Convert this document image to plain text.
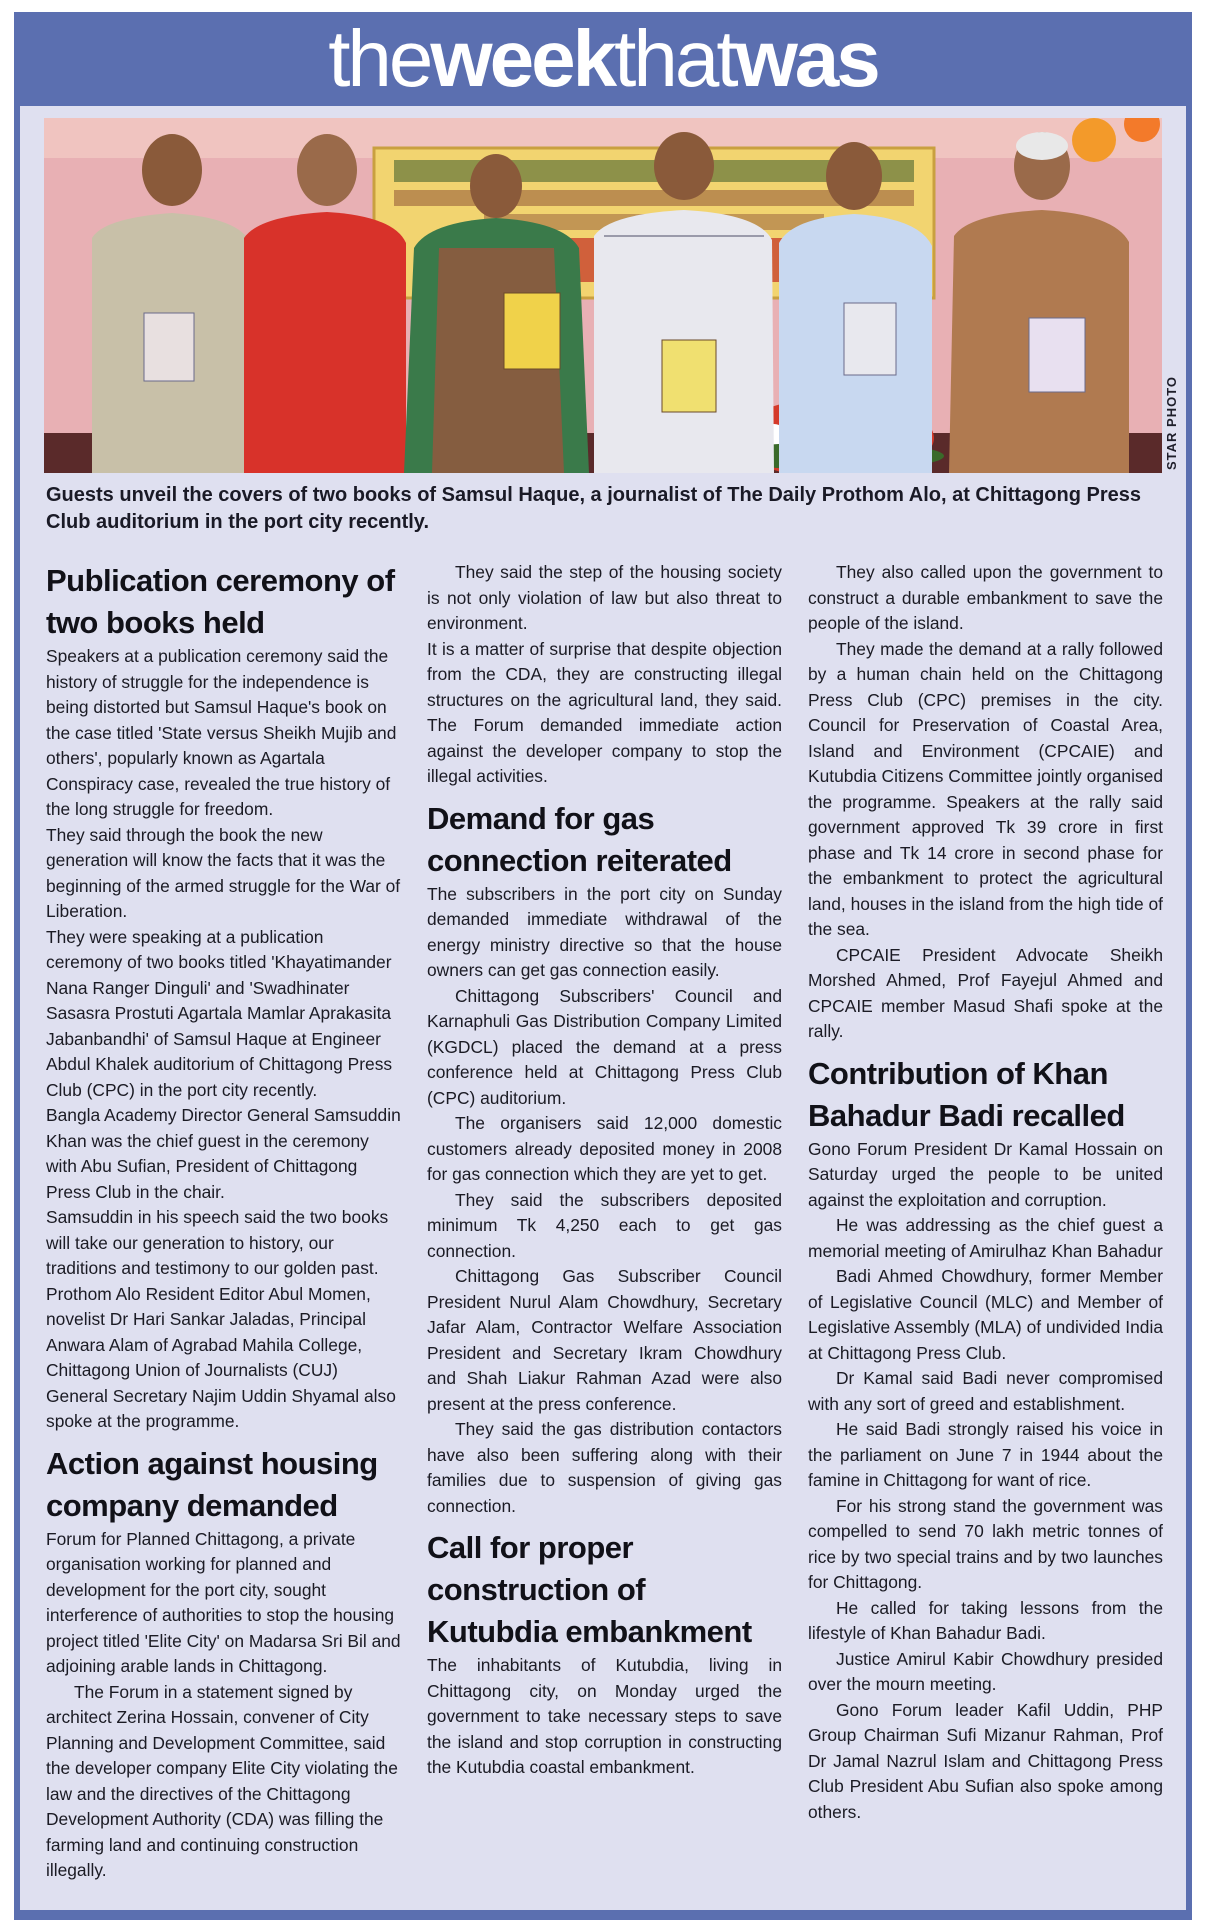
theweekthatwas
STAR PHOTO
Guests unveil the covers of two books of Samsul Haque, a journalist of The Daily Prothom Alo, at Chittagong Press Club auditorium in the port city recently.
Publication ceremony of two books held
Speakers at a publication ceremony said the history of struggle for the independence is being distorted but Samsul Haque's book on the case titled 'State versus Sheikh Mujib and others', popularly known as Agartala Conspiracy case, revealed the true history of the long struggle for freedom.
They said through the book the new generation will know the facts that it was the beginning of the armed struggle for the War of Liberation.
They were speaking at a publication ceremony of two books titled 'Khayatimander Nana Ranger Dinguli' and 'Swadhinater Sasasra Prostuti Agartala Mamlar Aprakasita Jabanbandhi' of Samsul Haque at Engineer Abdul Khalek auditorium of Chittagong Press Club (CPC) in the port city recently.
Bangla Academy Director General Samsuddin Khan was the chief guest in the ceremony with Abu Sufian, President of Chittagong Press Club in the chair.
Samsuddin in his speech said the two books will take our generation to history, our traditions and testimony to our golden past.
Prothom Alo Resident Editor Abul Momen, novelist Dr Hari Sankar Jaladas, Principal Anwara Alam of Agrabad Mahila College, Chittagong Union of Journalists (CUJ) General Secretary Najim Uddin Shyamal also spoke at the programme.
Action against housing company demanded
Forum for Planned Chittagong, a private organisation working for planned and development for the port city, sought interference of authorities to stop the housing project titled 'Elite City' on Madarsa Sri Bil and adjoining arable lands in Chittagong.
The Forum in a statement signed by architect Zerina Hossain, convener of City Planning and Development Committee, said the developer company Elite City violating the law and the directives of the Chittagong Development Authority (CDA) was filling the farming land and continuing construction illegally.
They said the step of the housing society is not only violation of law but also threat to environment.
It is a matter of surprise that despite objection from the CDA, they are constructing illegal structures on the agricultural land, they said. The Forum demanded immediate action against the developer company to stop the illegal activities.
Demand for gas connection reiterated
The subscribers in the port city on Sunday demanded immediate withdrawal of the energy ministry directive so that the house owners can get gas connection easily.
Chittagong Subscribers' Council and Karnaphuli Gas Distribution Company Limited (KGDCL) placed the demand at a press conference held at Chittagong Press Club (CPC) auditorium.
The organisers said 12,000 domestic customers already deposited money in 2008 for gas connection which they are yet to get.
They said the subscribers deposited minimum Tk 4,250 each to get gas connection.
Chittagong Gas Subscriber Council President Nurul Alam Chowdhury, Secretary Jafar Alam, Contractor Welfare Association President and Secretary Ikram Chowdhury and Shah Liakur Rahman Azad were also present at the press conference.
They said the gas distribution contactors have also been suffering along with their families due to suspension of giving gas connection.
Call for proper construction of Kutubdia embankment
The inhabitants of Kutubdia, living in Chittagong city, on Monday urged the government to take necessary steps to save the island and stop corruption in constructing the Kutubdia coastal embankment.
They also called upon the government to construct a durable embankment to save the people of the island.
They made the demand at a rally followed by a human chain held on the Chittagong Press Club (CPC) premises in the city. Council for Preservation of Coastal Area, Island and Environment (CPCAIE) and Kutubdia Citizens Committee jointly organised the programme. Speakers at the rally said government approved Tk 39 crore in first phase and Tk 14 crore in second phase for the embankment to protect the agricultural land, houses in the island from the high tide of the sea.
CPCAIE President Advocate Sheikh Morshed Ahmed, Prof Fayejul Ahmed and CPCAIE member Masud Shafi spoke at the rally.
Contribution of Khan Bahadur Badi recalled
Gono Forum President Dr Kamal Hossain on Saturday urged the people to be united against the exploitation and corruption.
He was addressing as the chief guest a memorial meeting of Amirulhaz Khan Bahadur
Badi Ahmed Chowdhury, former Member of Legislative Council (MLC) and Member of Legislative Assembly (MLA) of undivided India at Chittagong Press Club.
Dr Kamal said Badi never compromised with any sort of greed and establishment.
He said Badi strongly raised his voice in the parliament on June 7 in 1944 about the famine in Chittagong for want of rice.
For his strong stand the government was compelled to send 70 lakh metric tonnes of rice by two special trains and by two launches for Chittagong.
He called for taking lessons from the lifestyle of Khan Bahadur Badi.
Justice Amirul Kabir Chowdhury presided over the mourn meeting.
Gono Forum leader Kafil Uddin, PHP Group Chairman Sufi Mizanur Rahman, Prof Dr Jamal Nazrul Islam and Chittagong Press Club President Abu Sufian also spoke among others.
